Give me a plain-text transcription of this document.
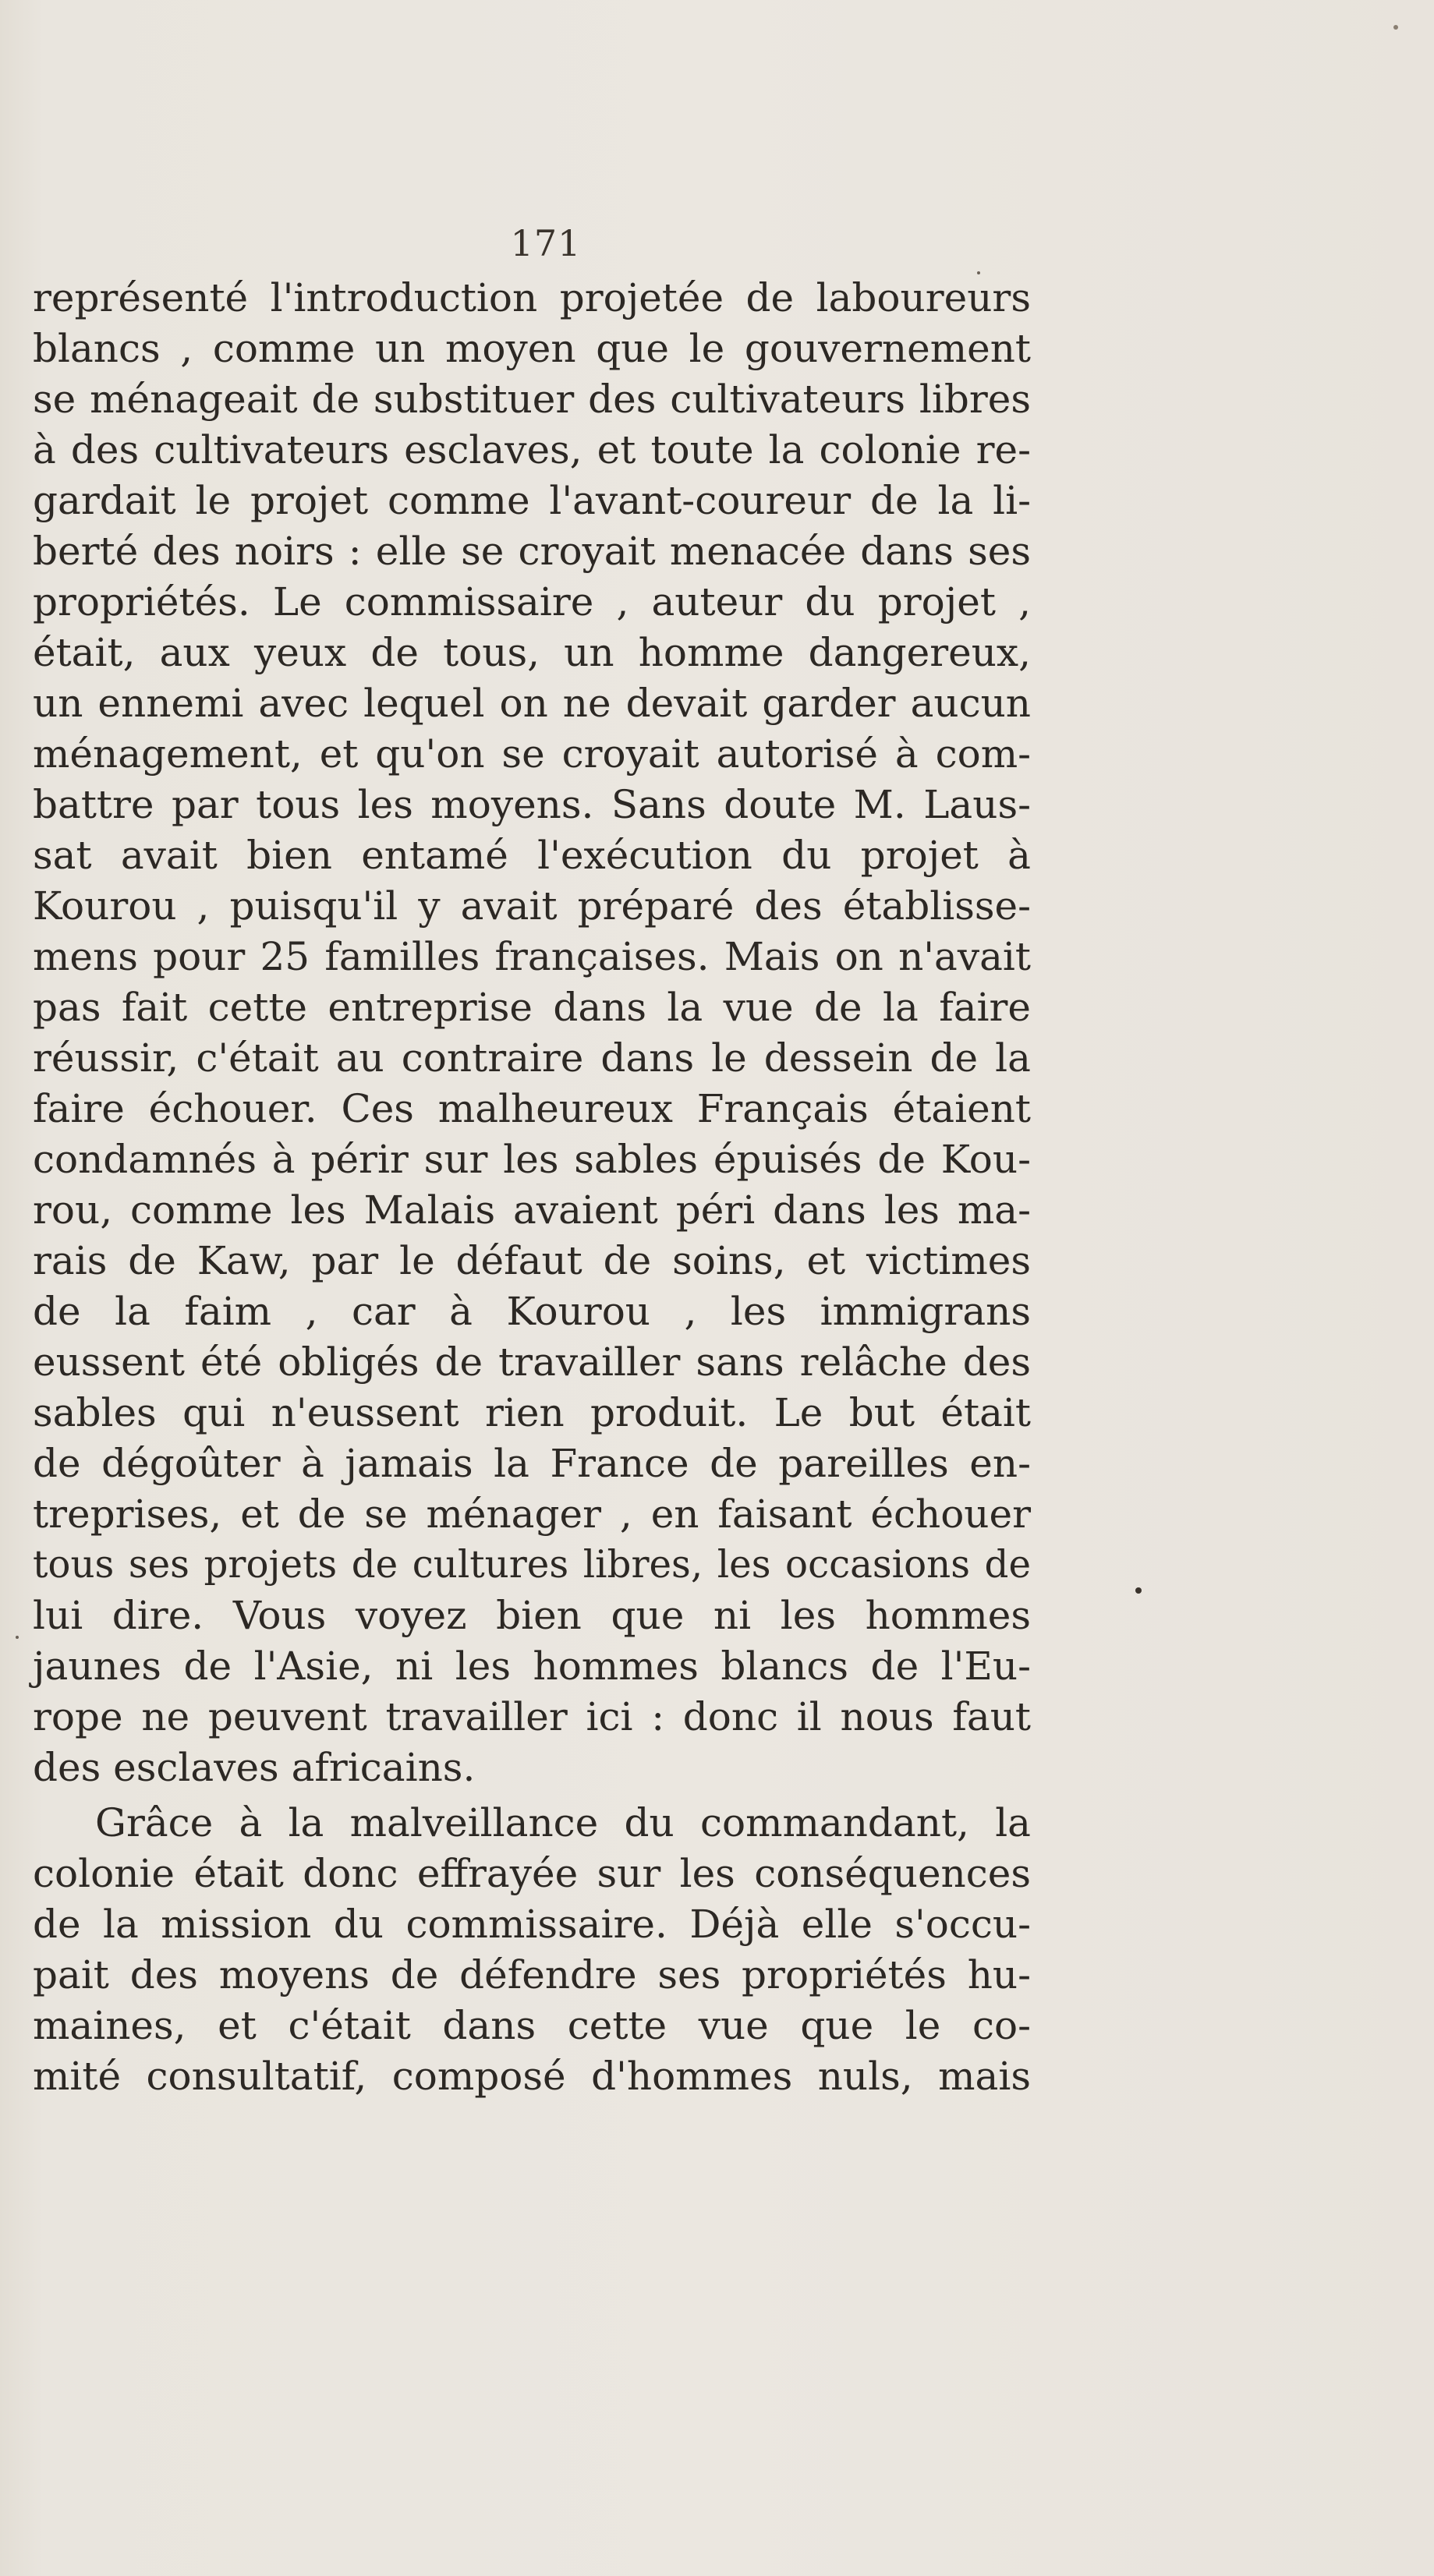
171
représenté l'introduction projetée de laboureurs
blancs , comme un moyen que le gouvernement
se ménageait de substituer des cultivateurs libres
à des cultivateurs esclaves, et toute la colonie re-
gardait le projet comme l'avant-coureur de la li-
berté des noirs : elle se croyait menacée dans ses
propriétés. Le commissaire , auteur du projet ,
était, aux yeux de tous, un homme dangereux,
un ennemi avec lequel on ne devait garder aucun
ménagement, et qu'on se croyait autorisé à com-
battre par tous les moyens. Sans doute M. Laus-
sat avait bien entamé l'exécution du projet à
Kourou , puisqu'il y avait préparé des établisse-
mens pour 25 familles françaises. Mais on n'avait
pas fait cette entreprise dans la vue de la faire
réussir, c'était au contraire dans le dessein de la
faire échouer. Ces malheureux Français étaient
condamnés à périr sur les sables épuisés de Kou-
rou, comme les Malais avaient péri dans les ma-
rais de Kaw, par le défaut de soins, et victimes
de la faim , car à Kourou , les immigrans
eussent été obligés de travailler sans relâche des
sables qui n'eussent rien produit. Le but était
de dégoûter à jamais la France de pareilles en-
treprises, et de se ménager , en faisant échouer
tous ses projets de cultures libres, les occasions de
lui dire. Vous voyez bien que ni les hommes
jaunes de l'Asie, ni les hommes blancs de l'Eu-
rope ne peuvent travailler ici : donc il nous faut
des esclaves africains.
Grâce à la malveillance du commandant, la
colonie était donc effrayée sur les conséquences
de la mission du commissaire. Déjà elle s'occu-
pait des moyens de défendre ses propriétés hu-
maines, et c'était dans cette vue que le co-
mité consultatif, composé d'hommes nuls, mais
